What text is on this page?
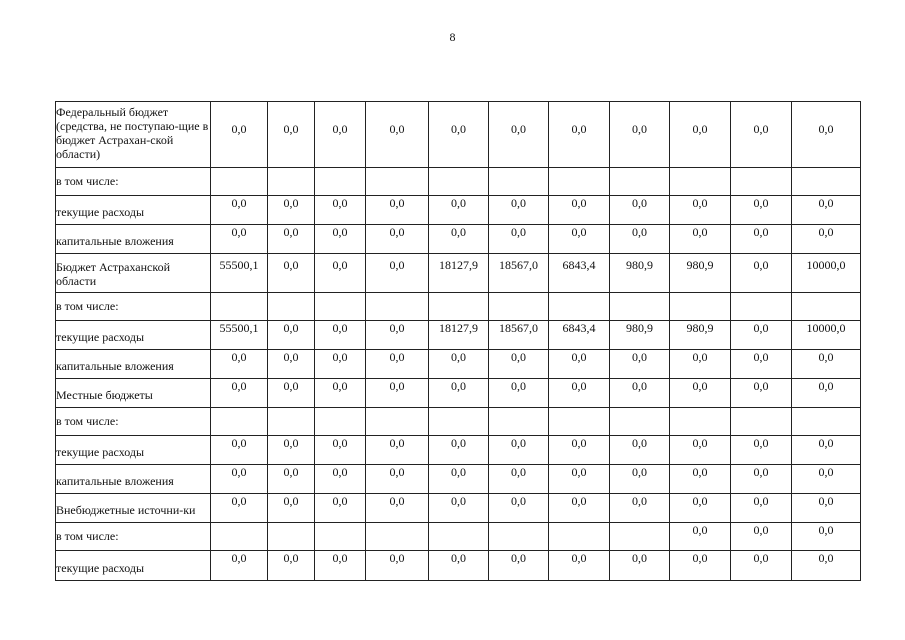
8
Федеральный бюджет (средства, не поступаю-щие в бюджет Астрахан-ской области)	0,0	0,0	0,0	0,0	0,0	0,0	0,0	0,0	0,0	0,0	0,0
в том числе:											
текущие расходы	0,0	0,0	0,0	0,0	0,0	0,0	0,0	0,0	0,0	0,0	0,0
капитальные вложения	0,0	0,0	0,0	0,0	0,0	0,0	0,0	0,0	0,0	0,0	0,0
Бюджет Астраханской области	55500,1	0,0	0,0	0,0	18127,9	18567,0	6843,4	980,9	980,9	0,0	10000,0
в том числе:											
текущие расходы	55500,1	0,0	0,0	0,0	18127,9	18567,0	6843,4	980,9	980,9	0,0	10000,0
капитальные вложения	0,0	0,0	0,0	0,0	0,0	0,0	0,0	0,0	0,0	0,0	0,0
Местные бюджеты	0,0	0,0	0,0	0,0	0,0	0,0	0,0	0,0	0,0	0,0	0,0
в том числе:											
текущие расходы	0,0	0,0	0,0	0,0	0,0	0,0	0,0	0,0	0,0	0,0	0,0
капитальные вложения	0,0	0,0	0,0	0,0	0,0	0,0	0,0	0,0	0,0	0,0	0,0
Внебюджетные источни-ки	0,0	0,0	0,0	0,0	0,0	0,0	0,0	0,0	0,0	0,0	0,0
в том числе:									0,0	0,0	0,0
текущие расходы	0,0	0,0	0,0	0,0	0,0	0,0	0,0	0,0	0,0	0,0	0,0
